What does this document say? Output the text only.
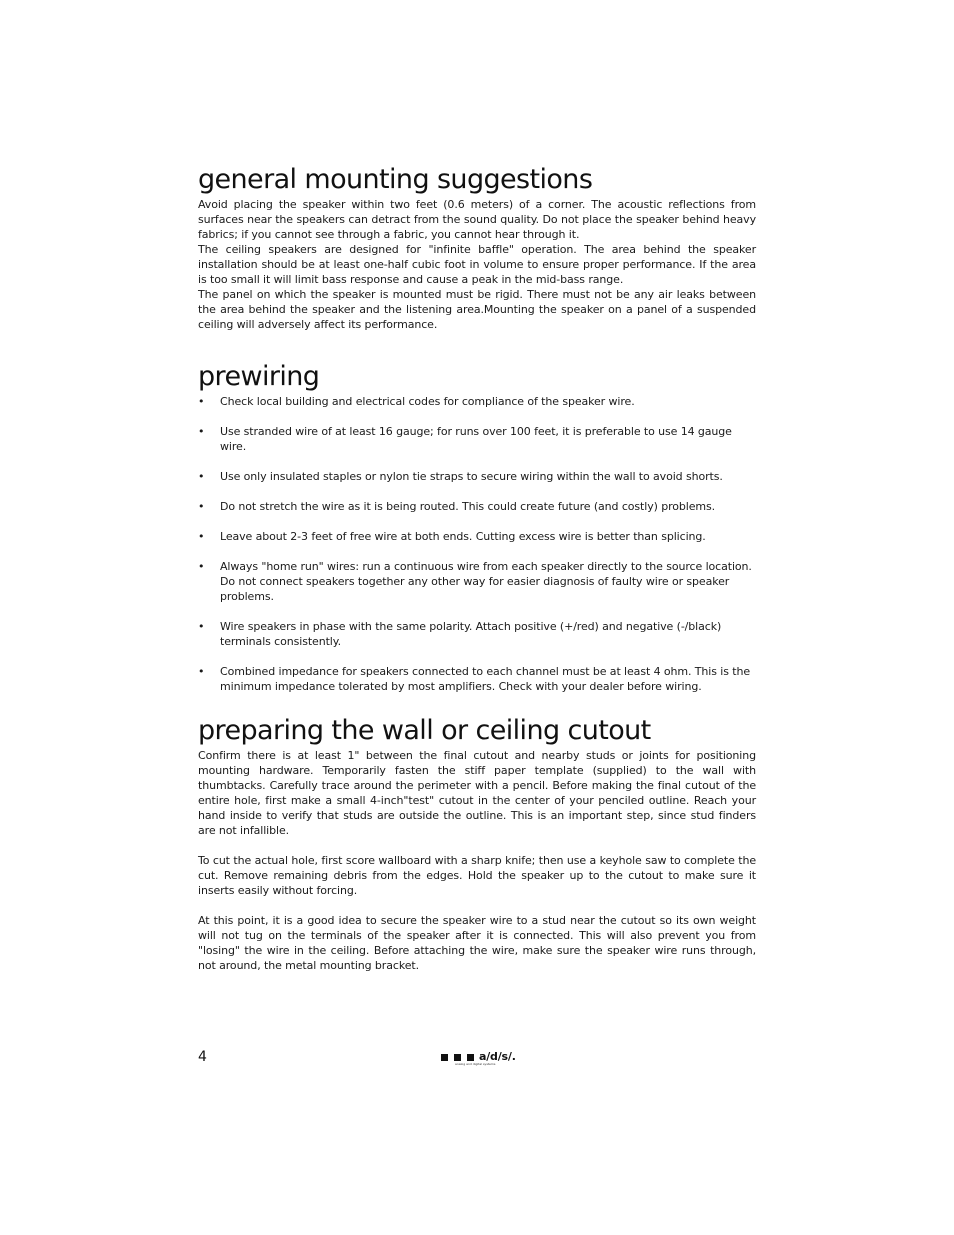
general mounting suggestions

Avoid placing the speaker within two feet (0.6 meters) of a corner. The acoustic reflections from surfaces near the speakers can detract from the sound quality. Do not place the speaker behind heavy fabrics; if you cannot see through a fabric, you cannot hear through it.

The ceiling speakers are designed for "infinite baffle" operation. The area behind the speaker installation should be at least one-half cubic foot in volume to ensure proper performance. If the area is too small it will limit bass response and cause a peak in the mid-bass range.

The panel on which the speaker is mounted must be rigid. There must not be any air leaks between the area behind the speaker and the listening area.Mounting the speaker on a panel of a suspended ceiling will adversely affect its performance.

prewiring
• Check local building and electrical codes for compliance of the speaker wire.
• Use stranded wire of at least 16 gauge; for runs over 100 feet, it is preferable to use 14 gauge wire.
• Use only insulated staples or nylon tie straps to secure wiring within the wall to avoid shorts.
• Do not stretch the wire as it is being routed. This could create future (and costly) problems.
• Leave about 2-3 feet of free wire at both ends. Cutting excess wire is better than splicing.
• Always "home run" wires: run a continuous wire from each speaker directly to the source location. Do not connect speakers together any other way for easier diagnosis of faulty wire or speaker problems.
• Wire speakers in phase with the same polarity. Attach positive (+/red) and negative (-/black) terminals consistently.
• Combined impedance for speakers connected to each channel must be at least 4 ohm. This is the minimum impedance tolerated by most amplifiers. Check with your dealer before wiring.
preparing the wall or ceiling cutout

Confirm there is at least 1" between the final cutout and nearby studs or joints for positioning mounting hardware. Temporarily fasten the stiff paper template (supplied) to the wall with thumbtacks. Carefully trace around the perimeter with a pencil. Before making the final cutout of the entire hole, first make a small 4-inch"test" cutout in the center of your penciled outline. Reach your hand inside to verify that studs are outside the outline. This is an important step, since stud finders are not infallible.

To cut the actual hole, first score wallboard with a sharp knife; then use a keyhole saw to complete the cut. Remove remaining debris from the edges. Hold the speaker up to the cutout to make sure it inserts easily without forcing.

At this point, it is a good idea to secure the speaker wire to a stud near the cutout so its own weight will not tug on the terminals of the speaker after it is connected. This will also prevent you from "losing" the wire in the ceiling. Before attaching the wire, make sure the speaker wire runs through, not around, the metal mounting bracket.

4	a/d/s/.
analog and digital systems
